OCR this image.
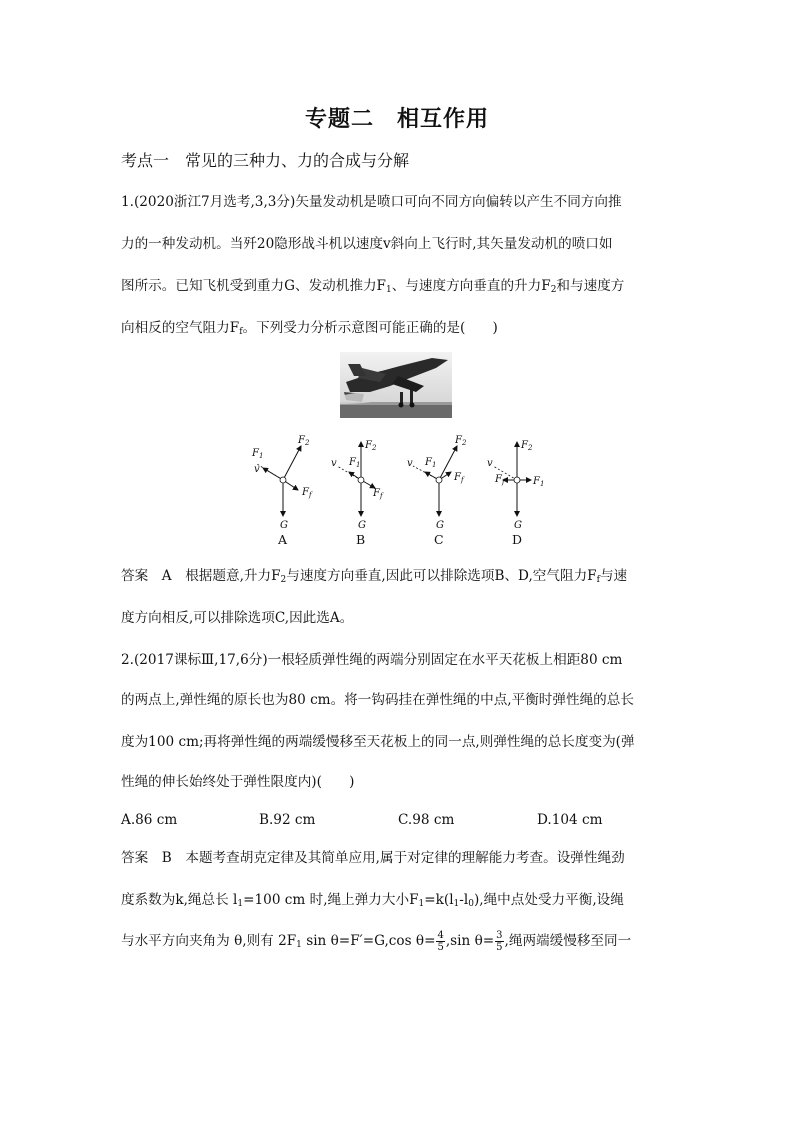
专题二　相互作用
考点一　常见的三种力、力的合成与分解
1.(2020浙江7月选考,3,3分)矢量发动机是喷口可向不同方向偏转以产生不同方向推
力的一种发动机。当歼20隐形战斗机以速度v斜向上飞行时,其矢量发动机的喷口如
图所示。已知飞机受到重力G、发动机推力$F_1$、与速度方向垂直的升力$F_2$和与速度方
向相反的空气阻力$F_f$。下列受力分析示意图可能正确的是(　　)
$F_1$
$F_2$
$F_f$
v
G
A
$F_2$
$F_1$
$F_f$
v
G
B
$F_2$
$F_1$
$F_f$
v
G
C
$F_2$
$F_f$	$F_1$
v
G
D
答案　A　根据题意,升力$F_2$与速度方向垂直,因此可以排除选项B、D,空气阻力$F_f$与速
度方向相反,可以排除选项C,因此选A。
2.(2017课标Ⅲ,17,6分)一根轻质弹性绳的两端分别固定在水平天花板上相距80 cm
的两点上,弹性绳的原长也为80 cm。将一钩码挂在弹性绳的中点,平衡时弹性绳的总长
度为100 cm;再将弹性绳的两端缓慢移至天花板上的同一点,则弹性绳的总长度变为(弹
性绳的伸长始终处于弹性限度内)(　　)
A.86 cm	B.92 cm	C.98 cm	D.104 cm
答案　B　本题考查胡克定律及其简单应用,属于对定律的理解能力考查。设弹性绳劲
度系数为k,绳总长 $l_1=100$ cm 时,绳上弹力大小$F_1=k(l_1-l_0)$,绳中点处受力平衡,设绳
与水平方向夹角为 θ,则有 $2F_1$ sin θ=F′=G,cos $\theta= \frac{4}{5} ,\sin$ $\theta= \frac{3}{5}$ ,绳两端缓慢移至同一
